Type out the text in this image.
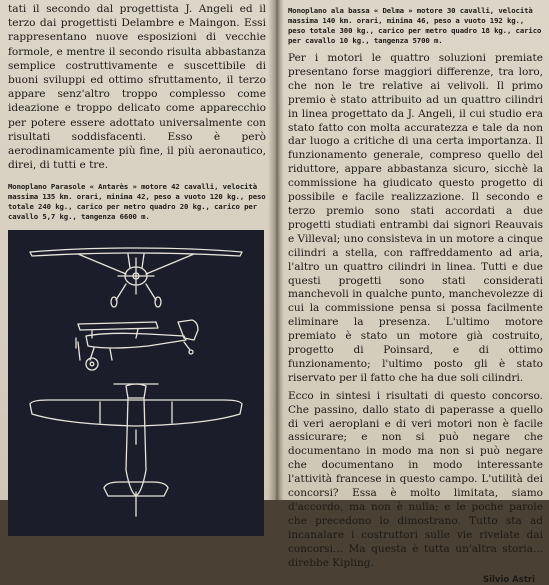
tati il secondo dal progettista J. Angeli ed il terzo dai progettisti Delambre e Maingon. Essi rappresentano nuove esposizioni di vecchie formole, e mentre il secondo risulta abbastanza semplice costruttivamente e suscettibile di buoni sviluppi ed ottimo sfruttamento, il terzo appare senz'altro troppo complesso come ideazione e troppo delicato come apparecchio per potere essere adottato universalmente con risultati soddisfacenti. Esso è però aerodinamicamente più fine, il più aeronautico, direi, di tutti e tre.

Monoplano Parasole « Antarès » motore 42 cavalli, velocità massima 135 km. orari, minima 42, peso a vuoto 120 kg., peso totale 240 kg., carico per metro quadro 20 kg., carico per cavallo 5,7 kg., tangenza 6600 m.

Monoplano ala bassa « Delma » motore 30 cavalli, velocità massima 140 km. orari, minima 46, peso a vuoto 192 kg., peso totale 300 kg., carico per metro quadro 18 kg., carico per cavallo 10 kg., tangenza 5700 m.

Per i motori le quattro soluzioni premiate presentano forse maggiori differenze, tra loro, che non le tre relative ai velivoli. Il primo premio è stato attribuito ad un quattro cilindri in linea progettato da J. Angeli, il cui studio era stato fatto con molta accuratezza e tale da non dar luogo a critiche di una certa importanza. Il funzionamento generale, compreso quello del riduttore, appare abbastanza sicuro, sicchè la commissione ha giudicato questo progetto di possibile e facile realizzazione. Il secondo e terzo premio sono stati accordati a due progetti studiati entrambi dai signori Reauvais e Villeval; uno consisteva in un motore a cinque cilindri a stella, con raffreddamento ad aria, l'altro un quattro cilindri in linea. Tutti e due questi progetti sono stati considerati manchevoli in qualche punto, manchevolezze di cui la commissione pensa si possa facilmente eliminare la presenza. L'ultimo motore premiato è stato un motore già costruito, progetto di Poinsard, e di ottimo funzionamento; l'ultimo posto gli è stato riservato per il fatto che ha due soli cilindri.

Ecco in sintesi i risultati di questo concorso. Che passino, dallo stato di paperasse a quello di veri aeroplani e di veri motori non è facile assicurare; e non si può negare che documentano in modo ma non si può negare che documentano in modo interessante l'attività francese in questo campo. L'utilità dei concorsi? Essa è molto limitata, siamo d'accordo, ma non è nulla; e le poche parole che precedono lo dimostrano. Tutto sta ad incanalare i costruttori sulle vie rivelate dai concorsi... Ma questa è tutta un'altra storia... direbbe Kipling.

Silvio Astri
